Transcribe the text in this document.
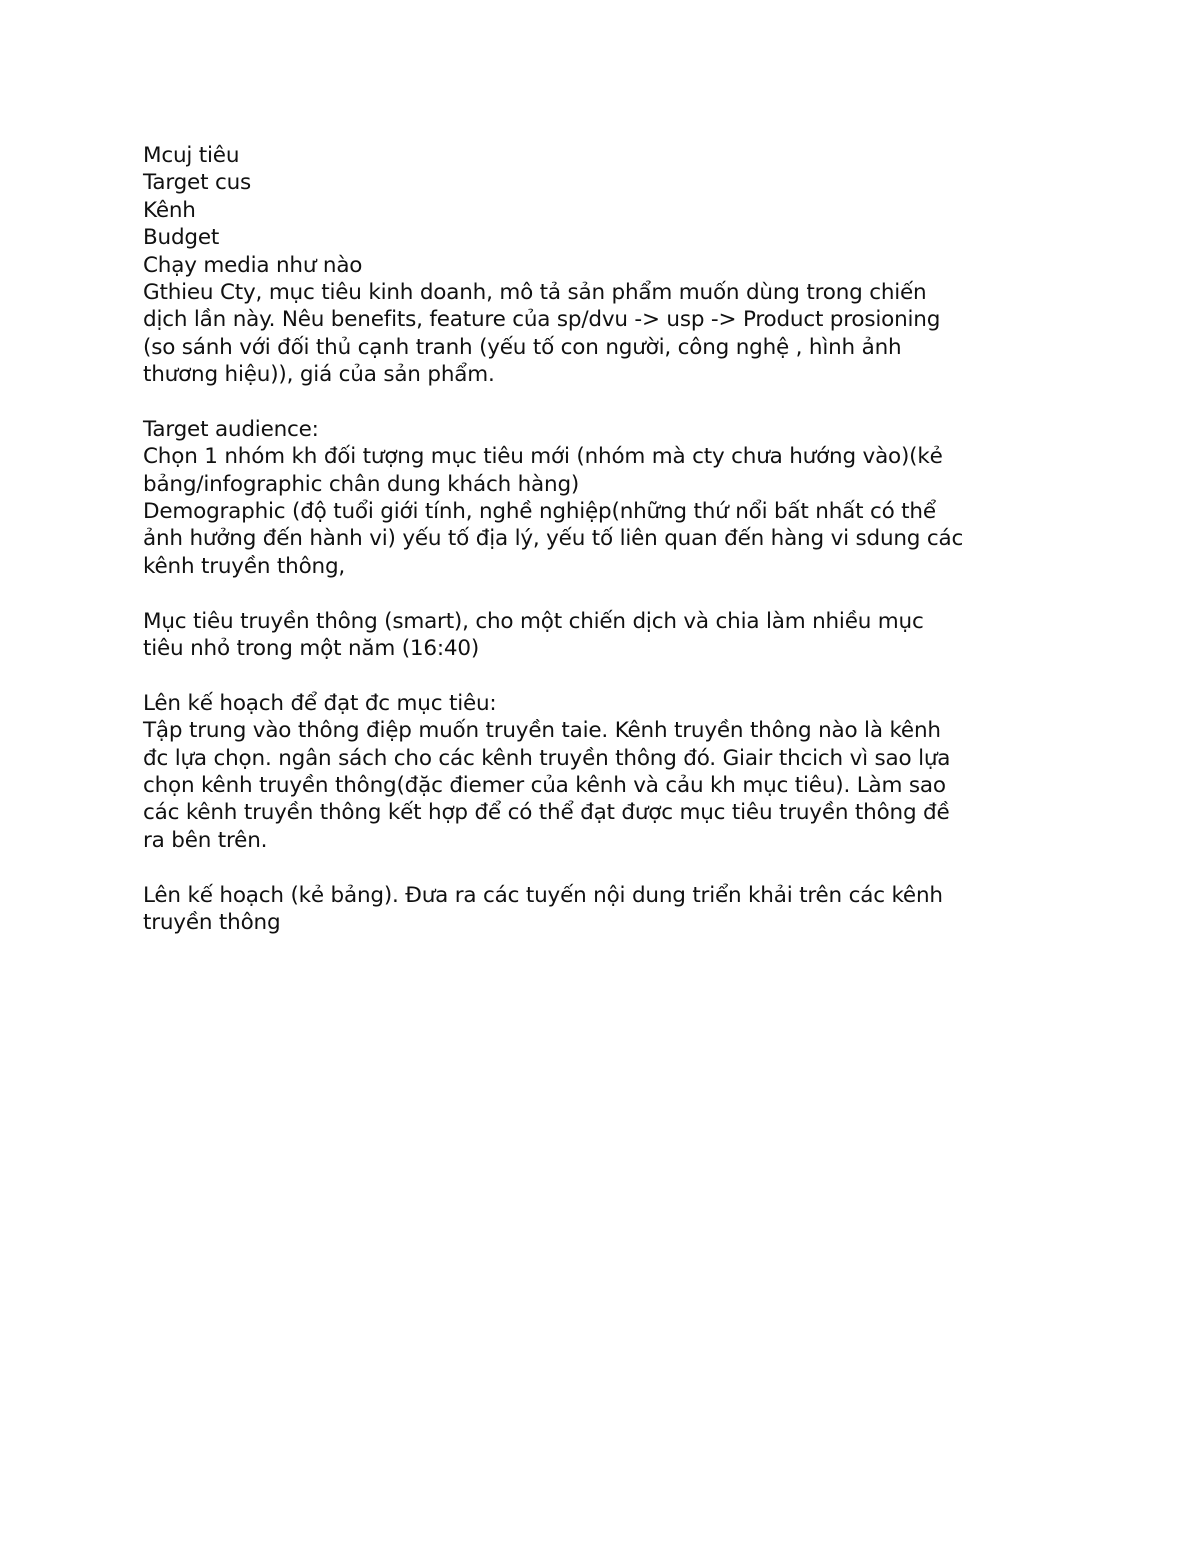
Mcuj tiêu
Target cus
Kênh
Budget
Chạy media như nào
Gthieu Cty, mục tiêu kinh doanh, mô tả sản phẩm muốn dùng trong chiến
dịch lần này. Nêu benefits, feature của sp/dvu -> usp -> Product prosioning
(so sánh với đối thủ cạnh tranh (yếu tố con người, công nghệ , hình ảnh
thương hiệu)), giá của sản phẩm.
Target audience:
Chọn 1 nhóm kh đối tượng mục tiêu mới (nhóm mà cty chưa hướng vào)(kẻ
bảng/infographic chân dung khách hàng)
Demographic (độ tuổi giới tính, nghề nghiệp(những thứ nổi bất nhất có thể
ảnh hưởng đến hành vi) yếu tố địa lý, yếu tố liên quan đến hàng vi sdung các
kênh truyền thông,
Mục tiêu truyền thông (smart), cho một chiến dịch và chia làm nhiều mục
tiêu nhỏ trong một năm (16:40)
Lên kế hoạch để đạt đc mục tiêu:
Tập trung vào thông điệp muốn truyền taie. Kênh truyền thông nào là kênh
đc lựa chọn. ngân sách cho các kênh truyền thông đó. Giair thcich vì sao lựa
chọn kênh truyền thông(đặc điemer của kênh và cảu kh mục tiêu). Làm sao
các kênh truyền thông kết hợp để có thể đạt được mục tiêu truyền thông đề
ra bên trên.
Lên kế hoạch (kẻ bảng). Đưa ra các tuyến nội dung triển khải trên các kênh
truyền thông
